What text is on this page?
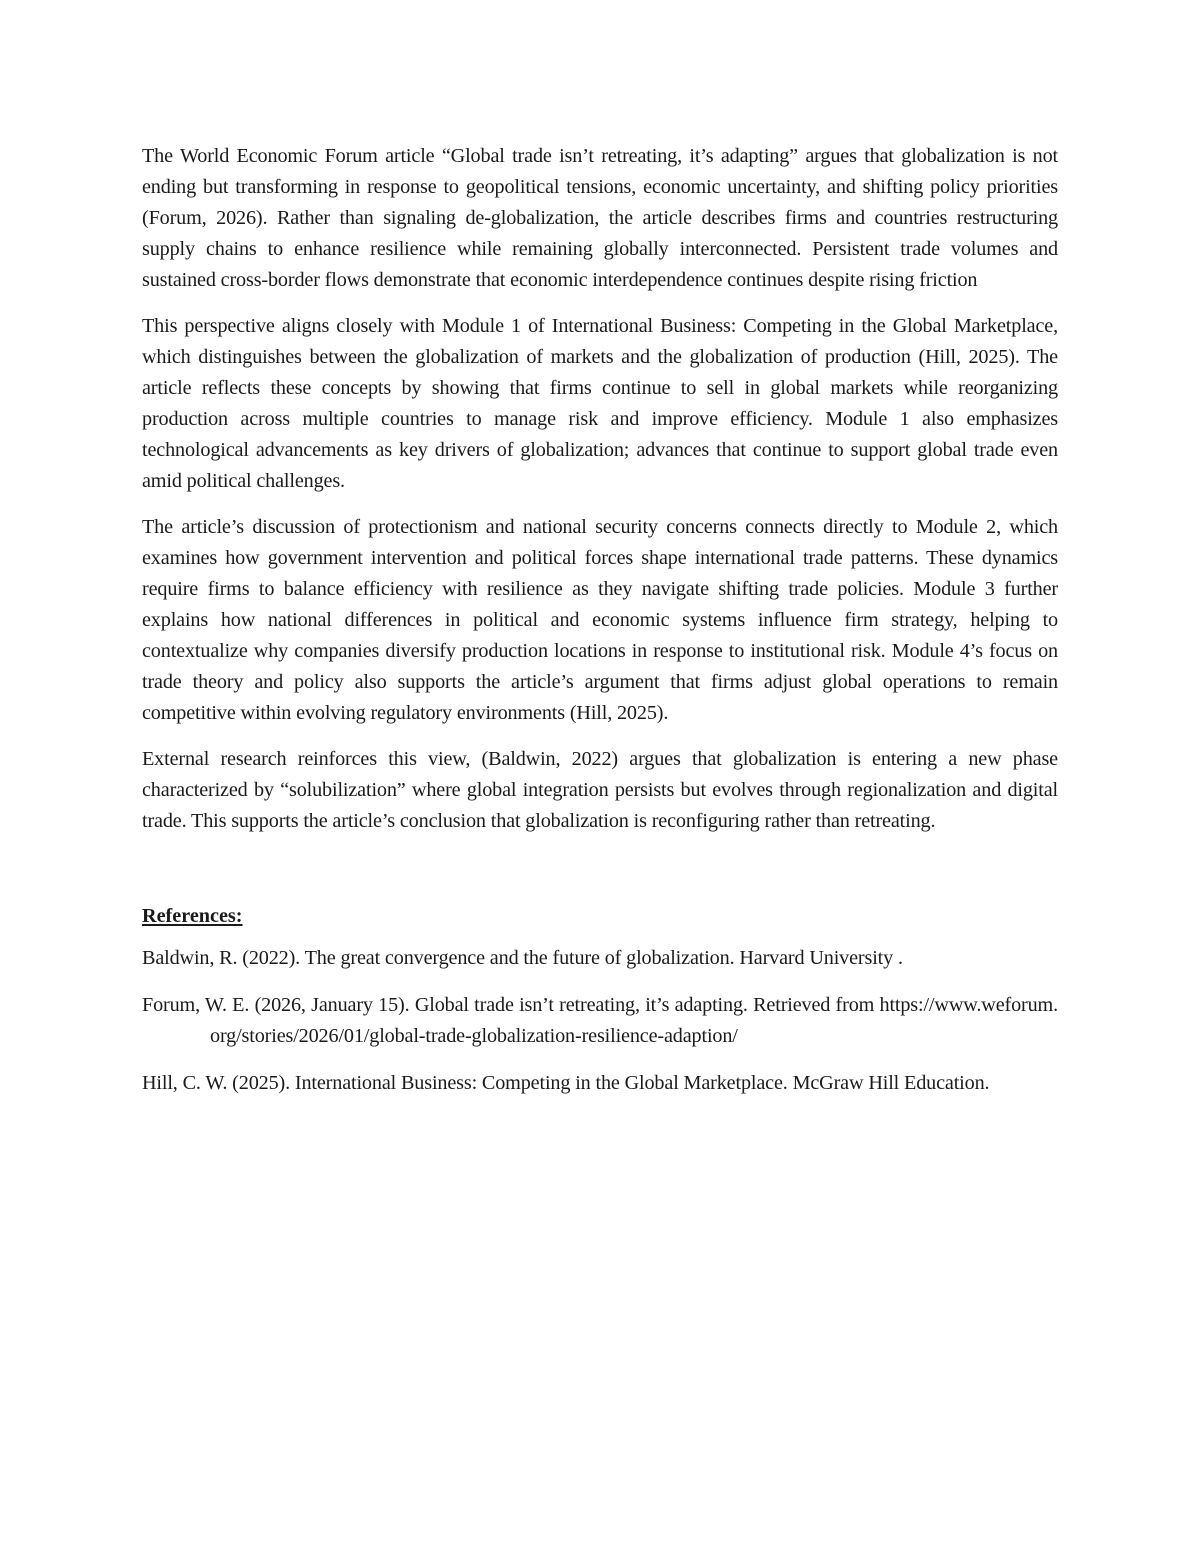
The World Economic Forum article “Global trade isn’t retreating, it’s adapting” argues that globalization is not ending but transforming in response to geopolitical tensions, economic uncertainty, and shifting policy priorities (Forum, 2026). Rather than signaling de-globalization, the article describes firms and countries restructuring supply chains to enhance resilience while remaining globally interconnected. Persistent trade volumes and sustained cross-border flows demonstrate that economic interdependence continues despite rising friction

This perspective aligns closely with Module 1 of International Business: Competing in the Global Marketplace, which distinguishes between the globalization of markets and the globalization of production (Hill, 2025). The article reflects these concepts by showing that firms continue to sell in global markets while reorganizing production across multiple countries to manage risk and improve efficiency. Module 1 also emphasizes technological advancements as key drivers of globalization; advances that continue to support global trade even amid political challenges.

The article’s discussion of protectionism and national security concerns connects directly to Module 2, which examines how government intervention and political forces shape international trade patterns. These dynamics require firms to balance efficiency with resilience as they navigate shifting trade policies. Module 3 further explains how national differences in political and economic systems influence firm strategy, helping to contextualize why companies diversify production locations in response to institutional risk. Module 4’s focus on trade theory and policy also supports the article’s argument that firms adjust global operations to remain competitive within evolving regulatory environments (Hill, 2025).

External research reinforces this view, (Baldwin, 2022) argues that globalization is entering a new phase characterized by “solubilization” where global integration persists but evolves through regionalization and digital trade. This supports the article’s conclusion that globalization is reconfiguring rather than retreating.

References:

Baldwin, R. (2022). The great convergence and the future of globalization. Harvard University .

Forum, W. E. (2026, January 15). Global trade isn’t retreating, it’s adapting. Retrieved from https://www.weforum.org/stories/2026/01/global-trade-globalization-resilience-adaption/

Hill, C. W. (2025). International Business: Competing in the Global Marketplace. McGraw Hill Education.
